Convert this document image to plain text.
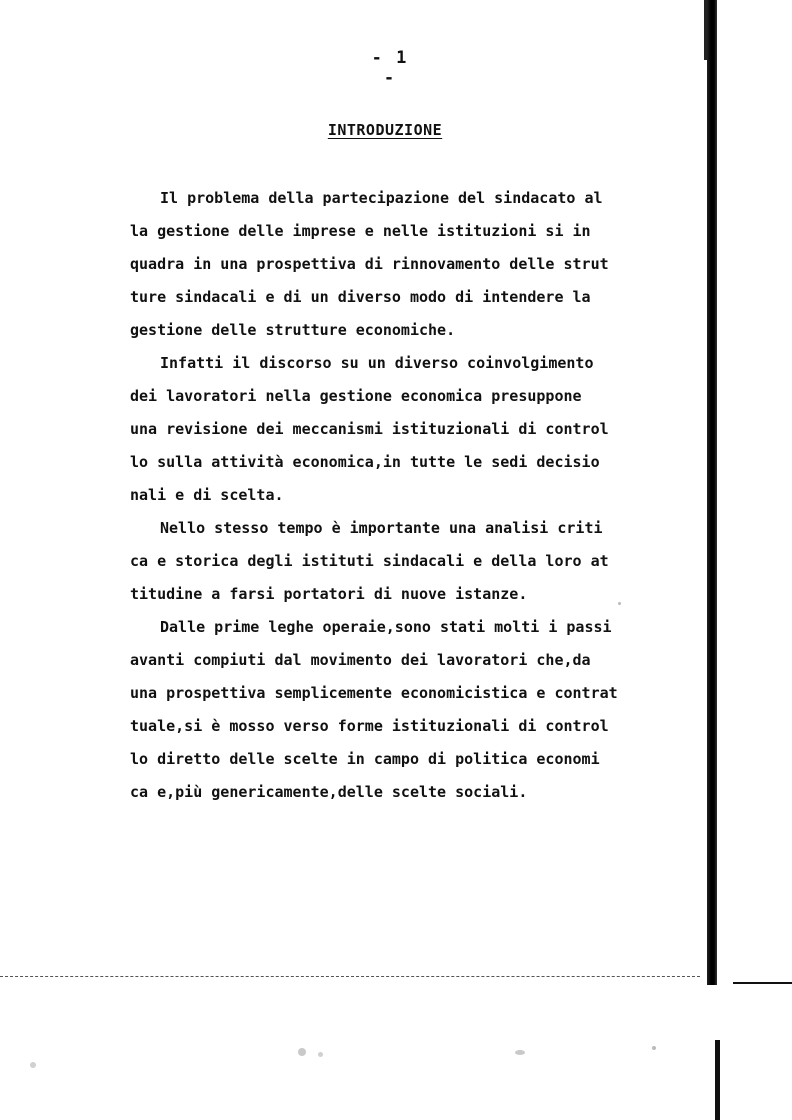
- 1 -
INTRODUZIONE
Il problema della partecipazione del sindacato al
la gestione delle imprese e nelle istituzioni si in
quadra in una prospettiva di rinnovamento delle strut
ture sindacali e di un diverso modo di intendere la
gestione delle strutture economiche.
Infatti il discorso su un diverso coinvolgimento
dei lavoratori nella gestione economica presuppone
una revisione dei meccanismi istituzionali di control
lo sulla attività economica,in tutte le sedi decisio
nali e di scelta.
Nello stesso tempo è importante una analisi criti
ca e storica degli istituti sindacali e della loro at
titudine a farsi portatori di nuove istanze.
Dalle prime leghe operaie,sono stati molti i passi
avanti compiuti dal movimento dei lavoratori che,da
una prospettiva semplicemente economicistica e contrat
tuale,si è mosso verso forme istituzionali di control
lo diretto delle scelte in campo di politica economi
ca e,più genericamente,delle scelte sociali.
